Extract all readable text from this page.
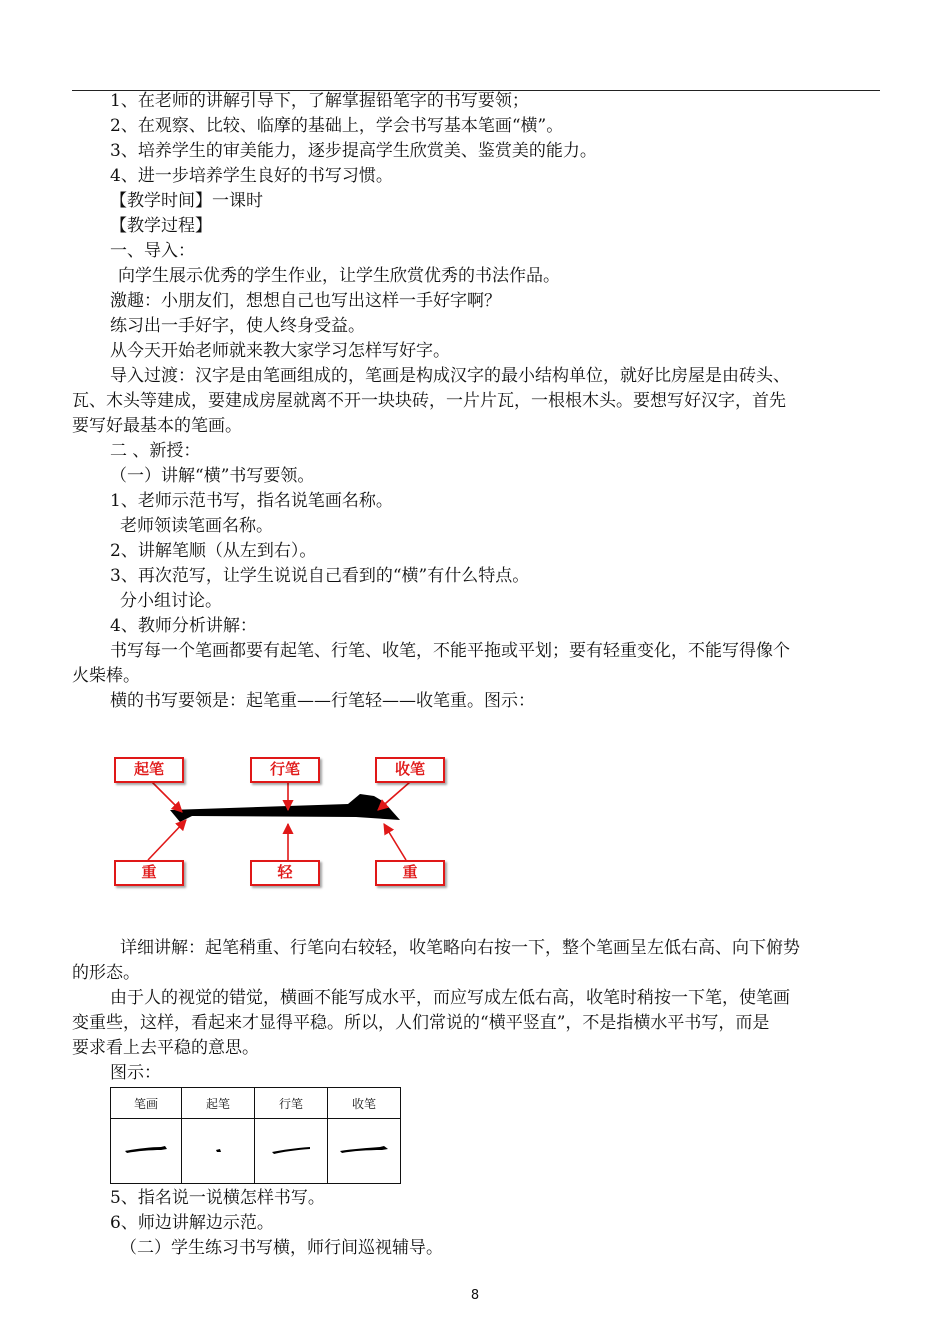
1、在老师的讲解引导下，了解掌握铅笔字的书写要领；
2、在观察、比较、临摩的基础上，学会书写基本笔画“横”。
3、培养学生的审美能力，逐步提高学生欣赏美、鉴赏美的能力。
4、进一步培养学生良好的书写习惯。
【教学时间】一课时
【教学过程】
一、导入：
向学生展示优秀的学生作业，让学生欣赏优秀的书法作品。
激趣：小朋友们，想想自己也写出这样一手好字啊？
练习出一手好字，使人终身受益。
从今天开始老师就来教大家学习怎样写好字。
导入过渡：汉字是由笔画组成的，笔画是构成汉字的最小结构单位，就好比房屋是由砖头、
瓦、木头等建成，要建成房屋就离不开一块块砖，一片片瓦，一根根木头。要想写好汉字，首先
要写好最基本的笔画。
二 、新授：
（一）讲解“横”书写要领。
1、老师示范书写，指名说笔画名称。
老师领读笔画名称。
2、讲解笔顺（从左到右）。
3、再次范写，让学生说说自己看到的“横”有什么特点。
分小组讨论。
4、教师分析讲解：
书写每一个笔画都要有起笔、行笔、收笔，不能平拖或平划；要有轻重变化，不能写得像个
火柴棒。
横的书写要领是：起笔重——行笔轻——收笔重。图示：
起笔	行笔	收笔
重	轻	重
详细讲解：起笔稍重、行笔向右较轻，收笔略向右按一下，整个笔画呈左低右高、向下俯势
的形态。
由于人的视觉的错觉，横画不能写成水平，而应写成左低右高，收笔时稍按一下笔，使笔画
变重些，这样，看起来才显得平稳。所以，人们常说的“横平竖直”，不是指横水平书写，而是
要求看上去平稳的意思。
图示：
笔画	起笔	行笔	收笔

5、指名说一说横怎样书写。
6、师边讲解边示范。
（二）学生练习书写横，师行间巡视辅导。
8
